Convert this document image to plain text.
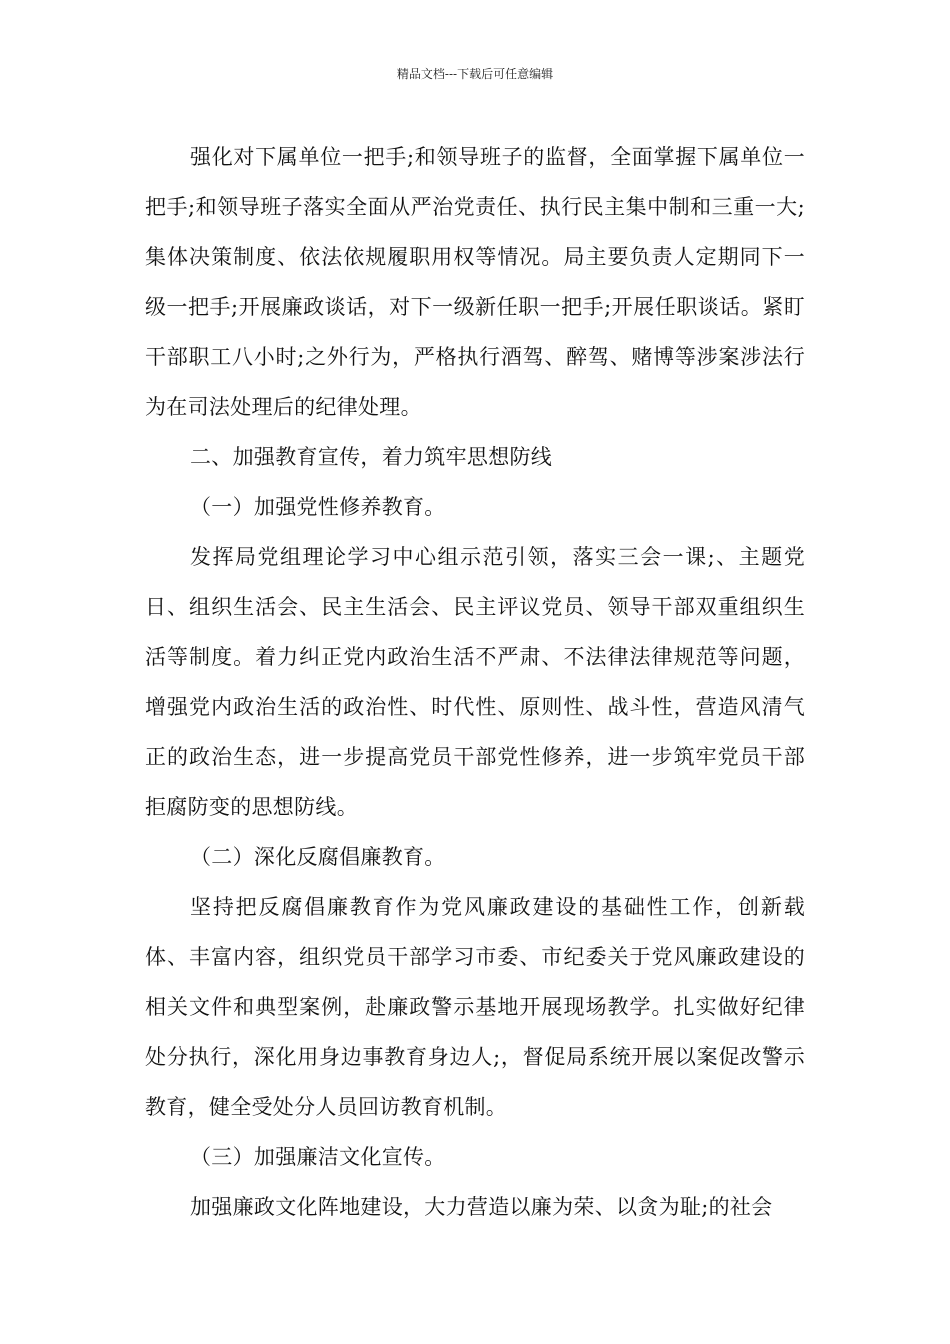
精品文档---下载后可任意编辑

强化对下属单位一把手;和领导班子的监督，全面掌握下属单位一把手;和领导班子落实全面从严治党责任、执行民主集中制和三重一大;集体决策制度、依法依规履职用权等情况。局主要负责人定期同下一级一把手;开展廉政谈话，对下一级新任职一把手;开展任职谈话。紧盯干部职工八小时;之外行为，严格执行酒驾、醉驾、赌博等涉案涉法行为在司法处理后的纪律处理。

二、加强教育宣传，着力筑牢思想防线

（一）加强党性修养教育。

发挥局党组理论学习中心组示范引领，落实三会一课;、主题党日、组织生活会、民主生活会、民主评议党员、领导干部双重组织生活等制度。着力纠正党内政治生活不严肃、不法律法律规范等问题，增强党内政治生活的政治性、时代性、原则性、战斗性，营造风清气正的政治生态，进一步提高党员干部党性修养，进一步筑牢党员干部拒腐防变的思想防线。

（二）深化反腐倡廉教育。

坚持把反腐倡廉教育作为党风廉政建设的基础性工作，创新载体、丰富内容，组织党员干部学习市委、市纪委关于党风廉政建设的相关文件和典型案例，赴廉政警示基地开展现场教学。扎实做好纪律处分执行，深化用身边事教育身边人;，督促局系统开展以案促改警示教育，健全受处分人员回访教育机制。

（三）加强廉洁文化宣传。

加强廉政文化阵地建设，大力营造以廉为荣、以贪为耻;的社会
